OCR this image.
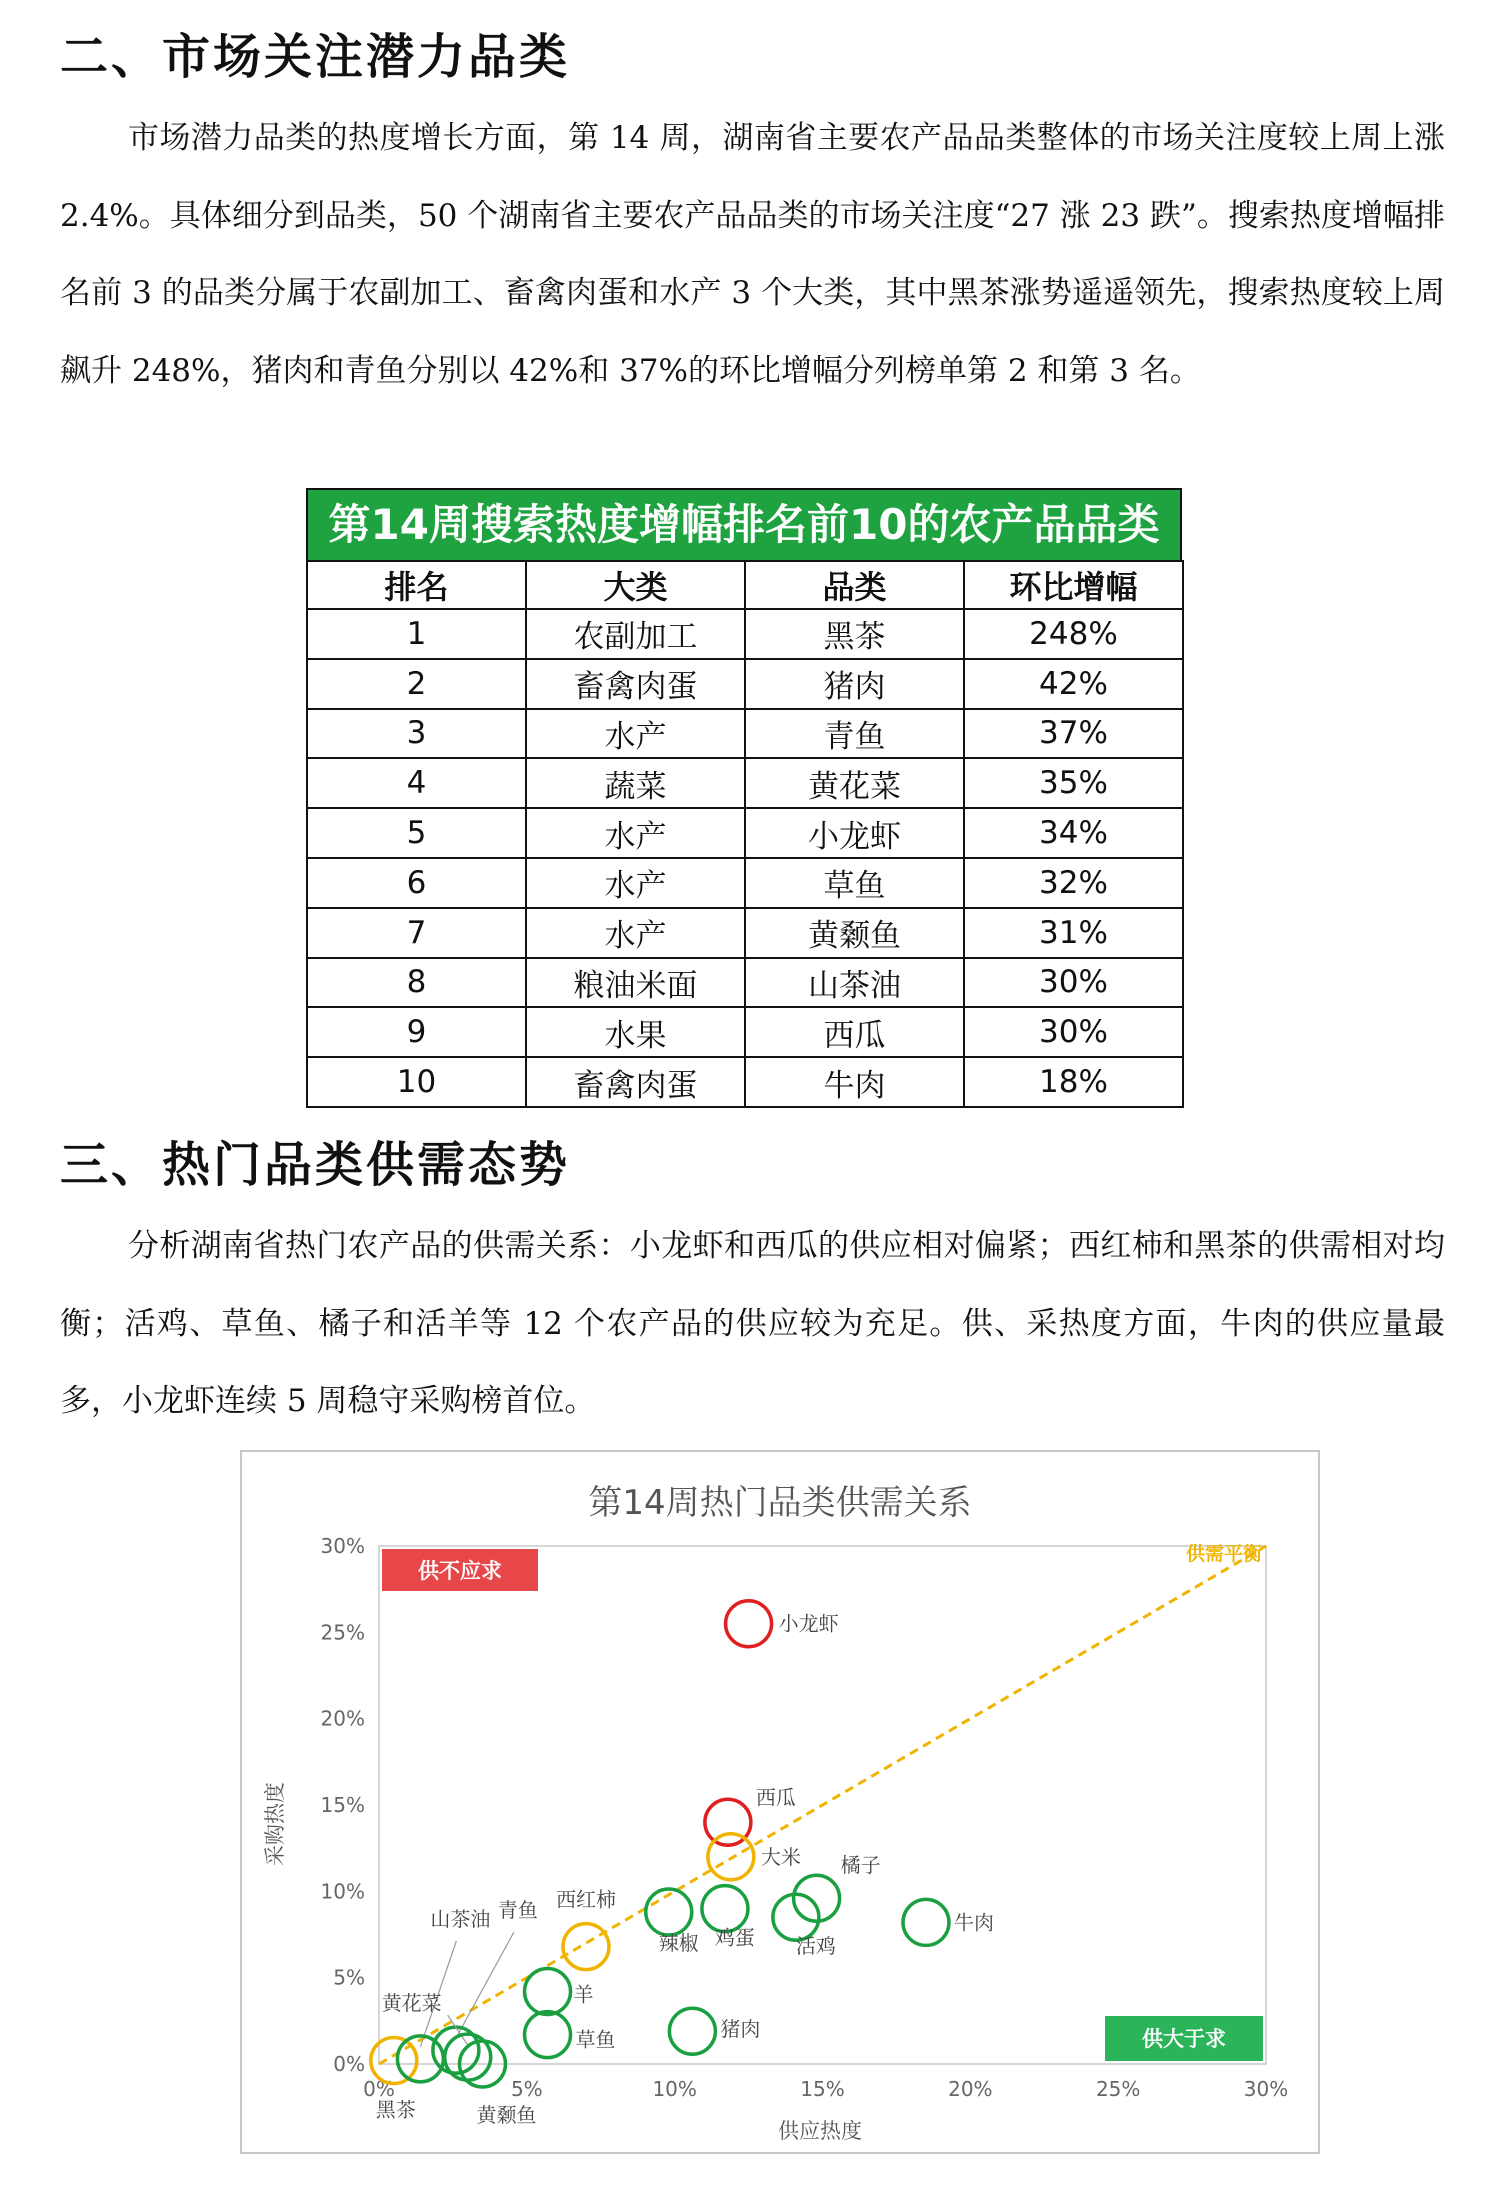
二、市场关注潜力品类
市场潜力品类的热度增长方面，第 14 周，湖南省主要农产品品类整体的市场关注度较上周上涨 2.4%。具体细分到品类，50 个湖南省主要农产品品类的市场关注度“27 涨 23 跌”。搜索热度增幅排名前 3 的品类分属于农副加工、畜禽肉蛋和水产 3 个大类，其中黑茶涨势遥遥领先，搜索热度较上周飙升 248%，猪肉和青鱼分别以 42%和 37%的环比增幅分列榜单第 2 和第 3 名。
第14周搜索热度增幅排名前10的农产品品类
排名	大类	品类	环比增幅
1	农副加工	黑茶	248%
2	畜禽肉蛋	猪肉	42%
3	水产	青鱼	37%
4	蔬菜	黄花菜	35%
5	水产	小龙虾	34%
6	水产	草鱼	32%
7	水产	黄颡鱼	31%
8	粮油米面	山茶油	30%
9	水果	西瓜	30%
10	畜禽肉蛋	牛肉	18%
三、热门品类供需态势
分析湖南省热门农产品的供需关系：小龙虾和西瓜的供应相对偏紧；西红柿和黑茶的供需相对均衡；活鸡、草鱼、橘子和活羊等 12 个农产品的供应较为充足。供、采热度方面，牛肉的供应量最多，小龙虾连续 5 周稳守采购榜首位。
第14周热门品类供需关系
供应热度
采购热度
0%	5%	10%	15%	20%	25%	30%
0%
5%
10%
15%
20%
25%
30%	供需平衡
供不应求
供大于求
小龙虾
西瓜
大米
西红柿
黑茶
橘子
活鸡
鸡蛋
辣椒
牛肉
羊
草鱼	猪肉
山茶油 青鱼
黄花菜
黄颡鱼
